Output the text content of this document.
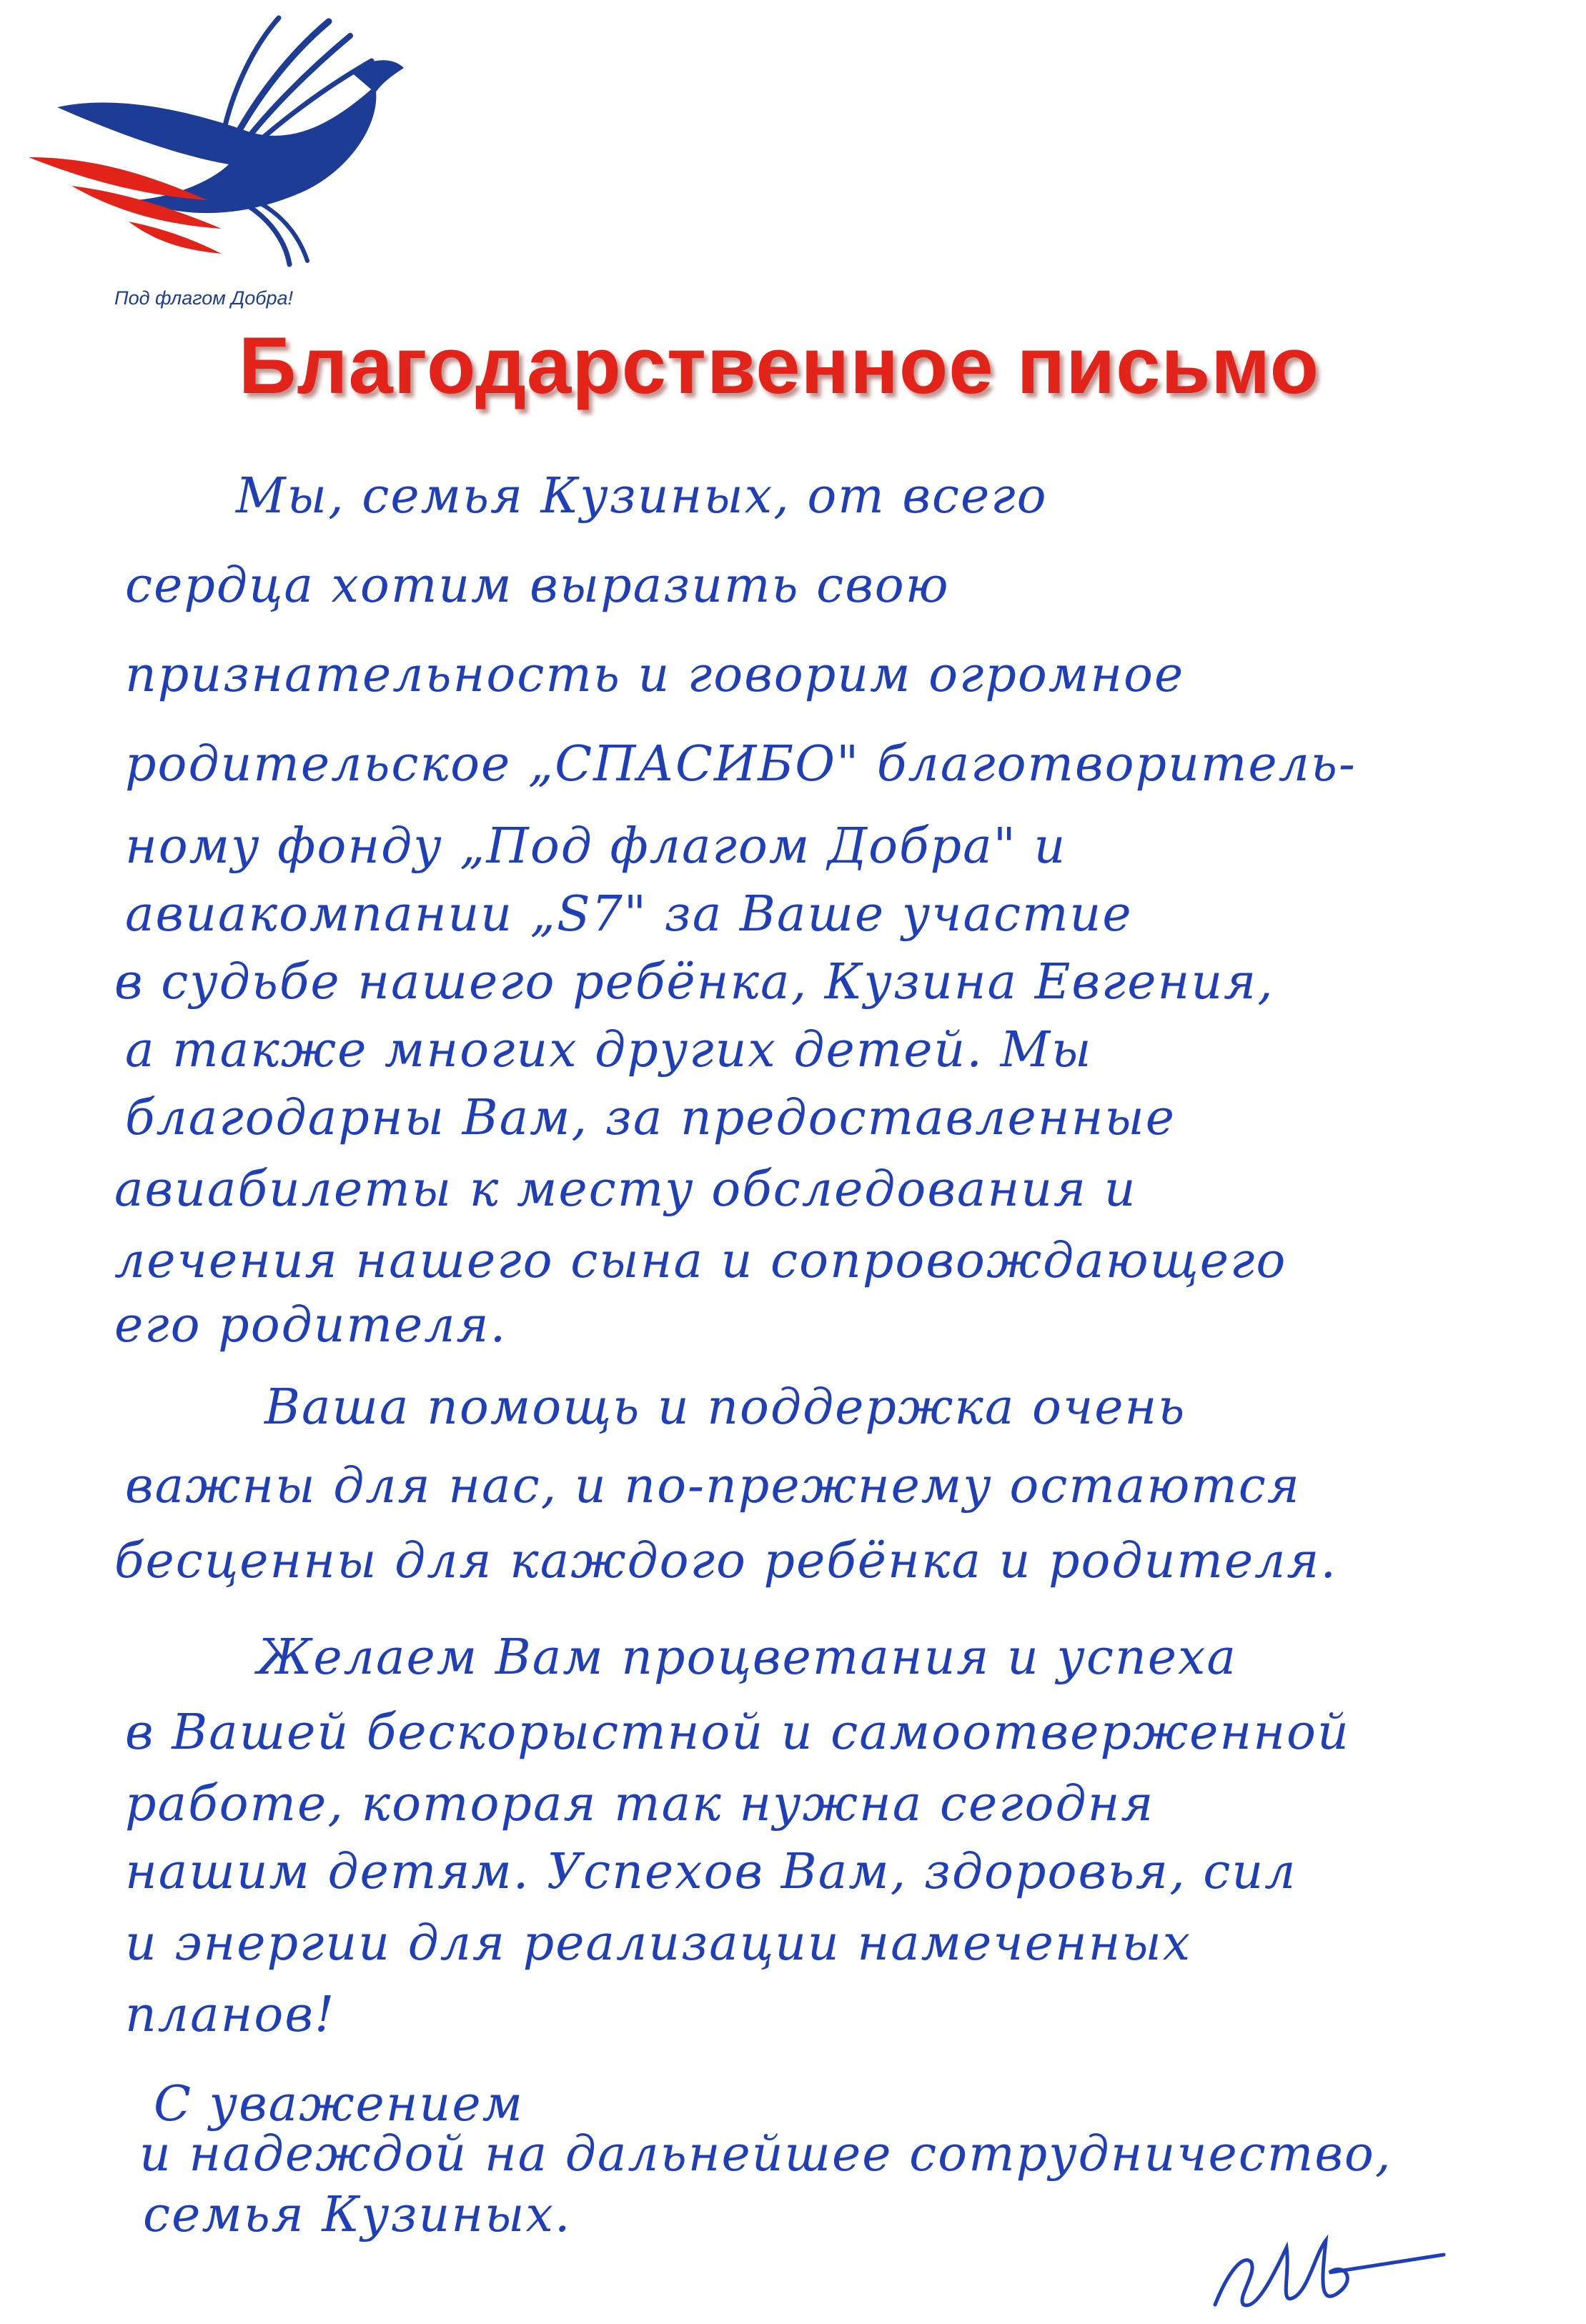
Под флагом Добра!
Благодарственное письмо
Мы, семья Кузиных, от всего
сердца хотим выразить свою
признательность и говорим огромное
родительское „СПАСИБО" благотворитель-
ному фонду „Под флагом Добра" и
авиакомпании „S7" за Ваше участие
в судьбе нашего ребёнка, Кузина Евгения,
а также многих других детей. Мы
благодарны Вам, за предоставленные
авиабилеты к месту обследования и
лечения нашего сына и сопровождающего
его родителя.
Ваша помощь и поддержка очень
важны для нас, и по-прежнему остаются
бесценны для каждого ребёнка и родителя.
Желаем Вам процветания и успеха
в Вашей бескорыстной и самоотверженной
работе, которая так нужна сегодня
нашим детям. Успехов Вам, здоровья, сил
и энергии для реализации намеченных
планов!
С уважением
и надеждой на дальнейшее сотрудничество,
семья Кузиных.
